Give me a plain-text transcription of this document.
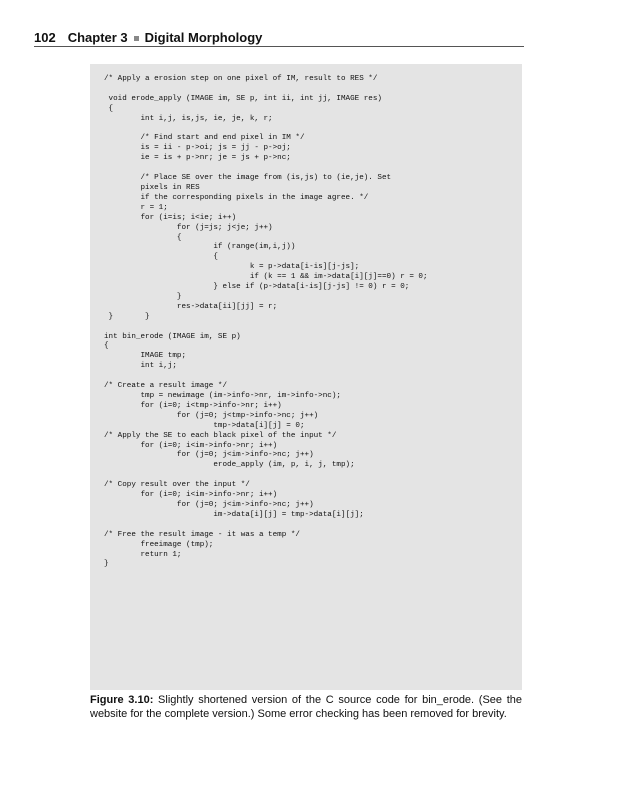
102 Chapter 3 Digital Morphology
/* Apply a erosion step on one pixel of IM, result to RES */

void erode_apply (IMAGE im, SE p, int ii, int jj, IMAGE res)
{
int i,j, is,js, ie, je, k, r;

/* Find start and end pixel in IM */
is = ii - p->oi; js = jj - p->oj;
ie = is + p->nr; je = js + p->nc;

/* Place SE over the image from (is,js) to (ie,je). Set
pixels in RES
if the corresponding pixels in the image agree. */
r = 1;
for (i=is; i<ie; i++)
for (j=js; j<je; j++)
{
if (range(im,i,j))
{
k = p->data[i-is][j-js];
if (k == 1 && im->data[i][j]==0) r = 0;
} else if (p->data[i-is][j-js] != 0) r = 0;
}
res->data[ii][jj] = r;
}       }

int bin_erode (IMAGE im, SE p)
{
IMAGE tmp;
int i,j;

/* Create a result image */
tmp = newimage (im->info->nr, im->info->nc);
for (i=0; i<tmp->info->nr; i++)
for (j=0; j<tmp->info->nc; j++)
tmp->data[i][j] = 0;
/* Apply the SE to each black pixel of the input */
for (i=0; i<im->info->nr; i++)
for (j=0; j<im->info->nc; j++)
erode_apply (im, p, i, j, tmp);

/* Copy result over the input */
for (i=0; i<im->info->nr; i++)
for (j=0; j<im->info->nc; j++)
im->data[i][j] = tmp->data[i][j];

/* Free the result image - it was a temp */
freeimage (tmp);
return 1;
}
Figure 3.10: Slightly shortened version of the C source code for bin_erode. (See the website for the complete version.) Some error checking has been removed for brevity.
